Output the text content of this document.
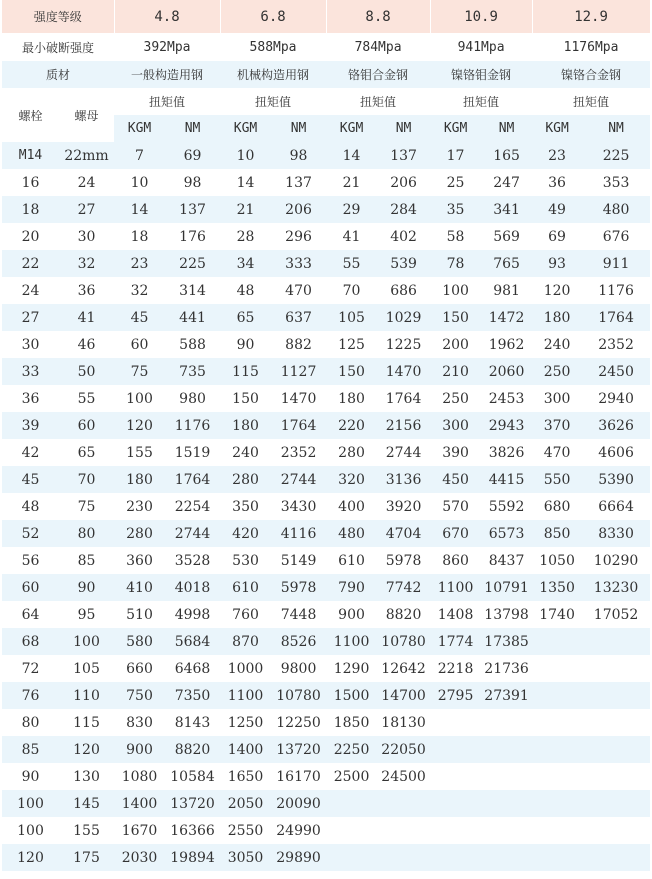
强度等级		4.8		6.8		8.8		10.9		12.9	
最小破断强度		392Mpa		588Mpa		784Mpa		941Mpa		1176Mpa	
质材		一般构造用钢		机械构造用钢		铬钼合金钢		镍铬钼金钢		镍铬合金钢	
螺栓	螺母	扭矩值		扭矩值		扭矩值		扭矩值		扭矩值	
		KGM	NM	KGM	NM	KGM	NM	KGM	NM	KGM	NM
M14	22mm	7	69	10	98	14	137	17	165	23	225
16	24	10	98	14	137	21	206	25	247	36	353
18	27	14	137	21	206	29	284	35	341	49	480
20	30	18	176	28	296	41	402	58	569	69	676
22	32	23	225	34	333	55	539	78	765	93	911
24	36	32	314	48	470	70	686	100	981	120	1176
27	41	45	441	65	637	105	1029	150	1472	180	1764
30	46	60	588	90	882	125	1225	200	1962	240	2352
33	50	75	735	115	1127	150	1470	210	2060	250	2450
36	55	100	980	150	1470	180	1764	250	2453	300	2940
39	60	120	1176	180	1764	220	2156	300	2943	370	3626
42	65	155	1519	240	2352	280	2744	390	3826	470	4606
45	70	180	1764	280	2744	320	3136	450	4415	550	5390
48	75	230	2254	350	3430	400	3920	570	5592	680	6664
52	80	280	2744	420	4116	480	4704	670	6573	850	8330
56	85	360	3528	530	5149	610	5978	860	8437	1050	10290
60	90	410	4018	610	5978	790	7742	1100	10791	1350	13230
64	95	510	4998	760	7448	900	8820	1408	13798	1740	17052
68	100	580	5684	870	8526	1100	10780	1774	17385		
72	105	660	6468	1000	9800	1290	12642	2218	21736		
76	110	750	7350	1100	10780	1500	14700	2795	27391		
80	115	830	8143	1250	12250	1850	18130				
85	120	900	8820	1400	13720	2250	22050				
90	130	1080	10584	1650	16170	2500	24500				
100	145	1400	13720	2050	20090						
100	155	1670	16366	2550	24990						
120	175	2030	19894	3050	29890						
